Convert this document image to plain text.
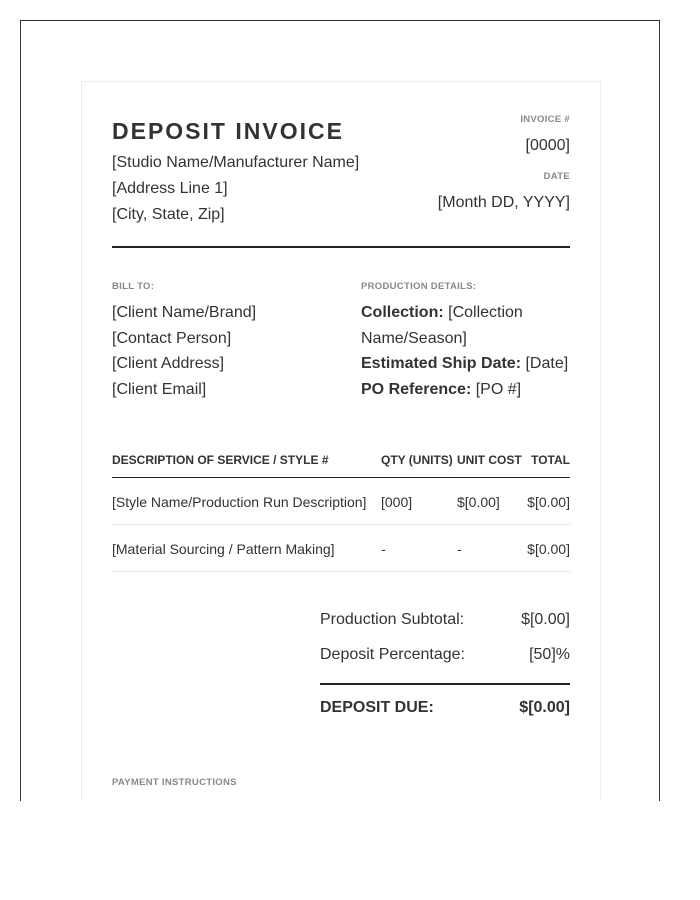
DEPOSIT INVOICE
[Studio Name/Manufacturer Name]
[Address Line 1]
[City, State, Zip]
INVOICE #
[0000]
DATE
[Month DD, YYYY]
BILL TO:
[Client Name/Brand]
[Contact Person]
[Client Address]
[Client Email]
PRODUCTION DETAILS:
Collection: [Collection
Name/Season]
Estimated Ship Date: [Date]
PO Reference: [PO #]
DESCRIPTION OF SERVICE / STYLE #	QTY (UNITS) UNIT COST TOTAL
[Style Name/Production Run Description] [000]	$[0.00] $[0.00]
[Material Sourcing / Pattern Making]	-	-	$[0.00]
Production Subtotal:	$[0.00]
Deposit Percentage:	[50]%
DEPOSIT DUE:	$[0.00]
PAYMENT INSTRUCTIONS
